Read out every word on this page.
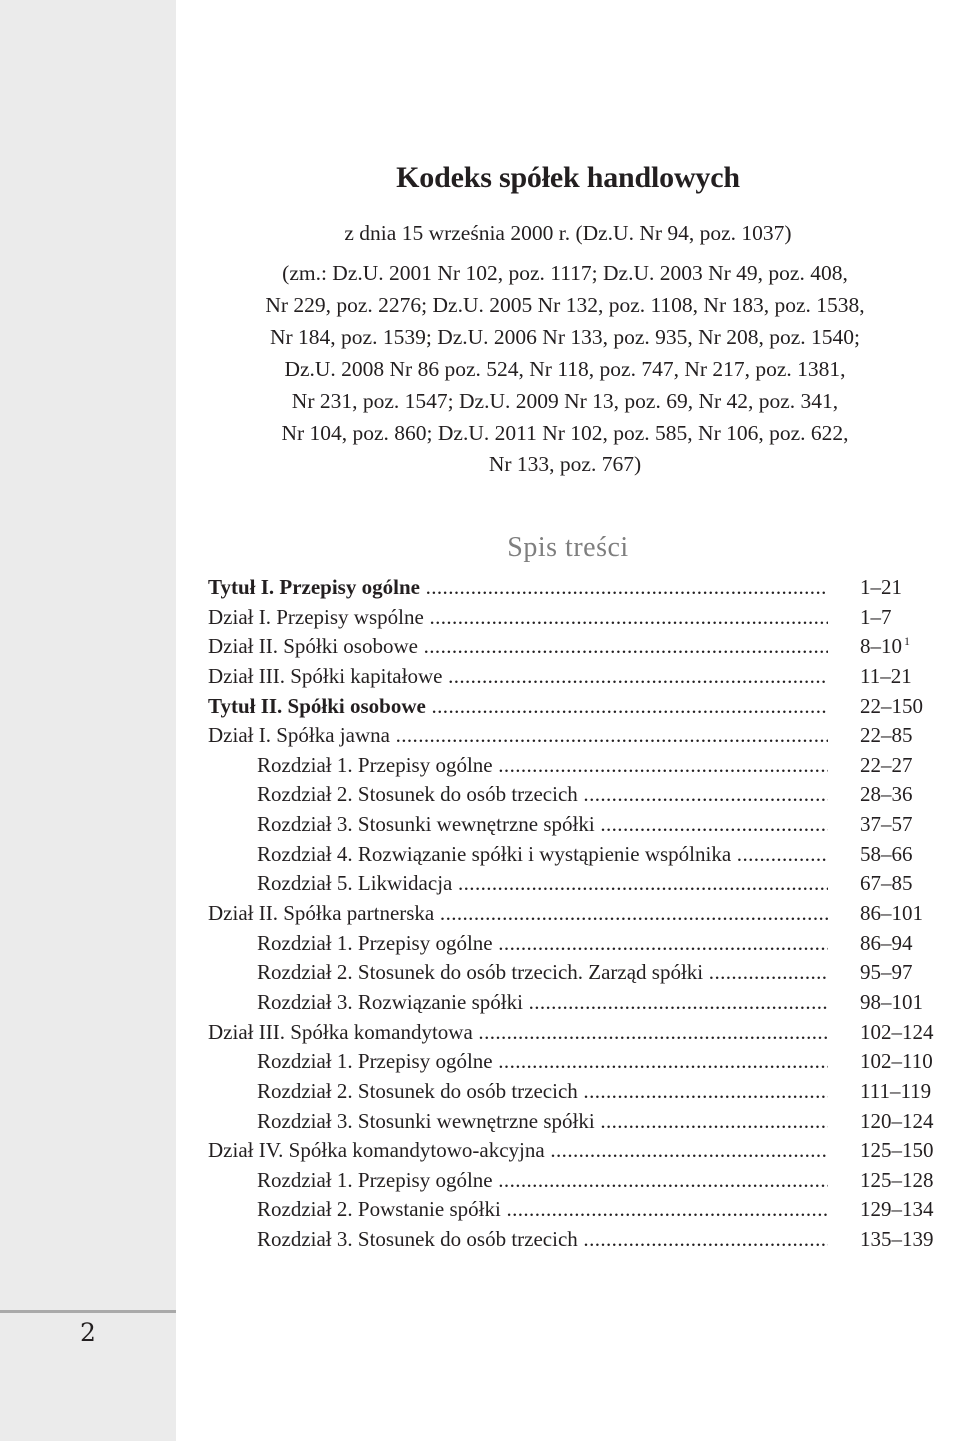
2
Kodeks spółek handlowych
z dnia 15 września 2000 r. (Dz.U. Nr 94, poz. 1037)
(zm.: Dz.U. 2001 Nr 102, poz. 1117; Dz.U. 2003 Nr 49, poz. 408,
Nr 229, poz. 2276; Dz.U. 2005 Nr 132, poz. 1108, Nr 183, poz. 1538,
Nr 184, poz. 1539; Dz.U. 2006 Nr 133, poz. 935, Nr 208, poz. 1540;
Dz.U. 2008 Nr 86 poz. 524, Nr 118, poz. 747, Nr 217, poz. 1381,
Nr 231, poz. 1547; Dz.U. 2009 Nr 13, poz. 69, Nr 42, poz. 341,
Nr 104, poz. 860; Dz.U. 2011 Nr 102, poz. 585, Nr 106, poz. 622,
Nr 133, poz. 767)
Spis treści
Tytuł I. Przepisy ogólne .....	1–21
Dział I. Przepisy wspólne .....	1–7
Dział II. Spółki osobowe .....	8–10 $^1$
Dział III. Spółki kapitałowe .....	11–21
Tytuł II. Spółki osobowe .....	22–150
Dział I. Spółka jawna .....	22–85
Rozdział 1. Przepisy ogólne .....	22–27
Rozdział 2. Stosunek do osób trzecich .....	28–36
Rozdział 3. Stosunki wewnętrzne spółki .....	37–57
Rozdział 4. Rozwiązanie spółki i wystąpienie wspólnika .....	58–66
Rozdział 5. Likwidacja .....	67–85
Dział II. Spółka partnerska .....	86–101
Rozdział 1. Przepisy ogólne .....	86–94
Rozdział 2. Stosunek do osób trzecich. Zarząd spółki .....	95–97
Rozdział 3. Rozwiązanie spółki .....	98–101
Dział III. Spółka komandytowa .....	102–124
Rozdział 1. Przepisy ogólne .....	102–110
Rozdział 2. Stosunek do osób trzecich .....	111–119
Rozdział 3. Stosunki wewnętrzne spółki .....	120–124
Dział IV. Spółka komandytowo-akcyjna .....	125–150
Rozdział 1. Przepisy ogólne .....	125–128
Rozdział 2. Powstanie spółki .....	129–134
Rozdział 3. Stosunek do osób trzecich .....	135–139
